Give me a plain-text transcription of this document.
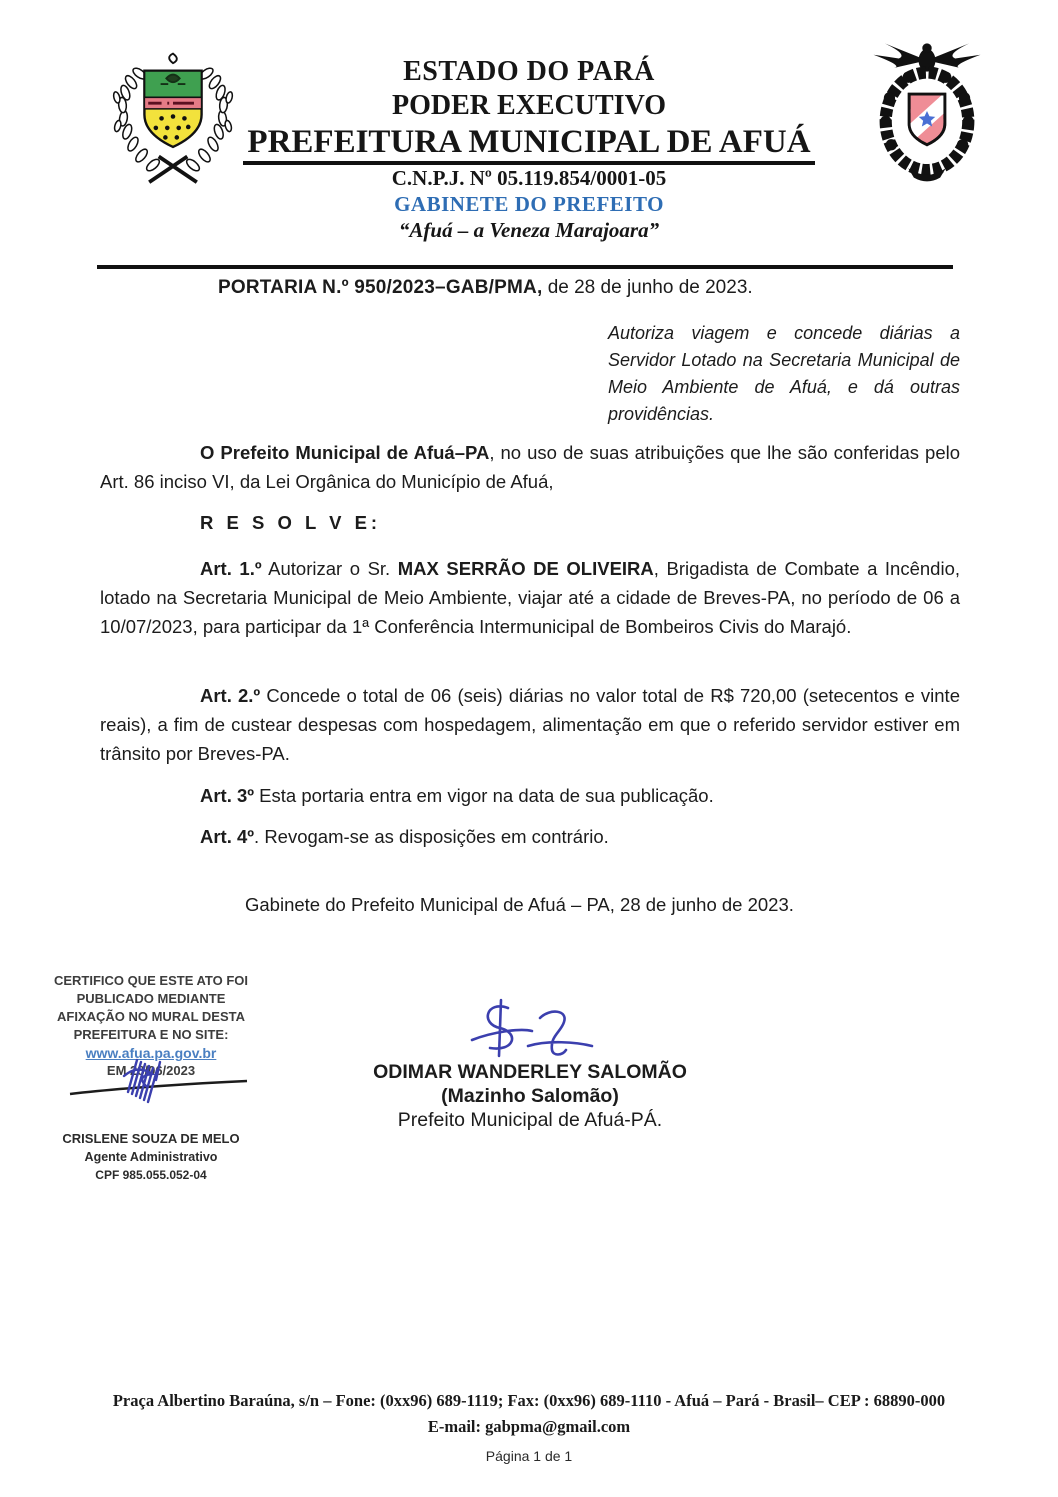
ESTADO DO PARÁ
PODER EXECUTIVO
PREFEITURA MUNICIPAL DE AFUÁ
C.N.P.J. Nº 05.119.854/0001-05
GABINETE DO PREFEITO
“Afuá – a Veneza Marajoara”
PORTARIA N.º 950/2023–GAB/PMA, de 28 de junho de 2023.
Autoriza viagem e concede diárias a Servidor Lotado na Secretaria Municipal de Meio Ambiente de Afuá, e dá outras providências.

O Prefeito Municipal de Afuá–PA, no uso de suas atribuições que lhe são conferidas pelo Art. 86 inciso VI, da Lei Orgânica do Município de Afuá,

R E S O L V E:

Art. 1.º Autorizar o Sr. MAX SERRÃO DE OLIVEIRA, Brigadista de Combate a Incêndio, lotado na Secretaria Municipal de Meio Ambiente, viajar até a cidade de Breves-PA, no período de 06 a 10/07/2023, para participar da 1ª Conferência Intermunicipal de Bombeiros Civis do Marajó.

Art. 2.º Concede o total de 06 (seis) diárias no valor total de R$ 720,00 (setecentos e vinte reais), a fim de custear despesas com hospedagem, alimentação em que o referido servidor estiver em trânsito por Breves-PA.

Art. 3º Esta portaria entra em vigor na data de sua publicação.

Art. 4º. Revogam-se as disposições em contrário.

Gabinete do Prefeito Municipal de Afuá – PA, 28 de junho de 2023.

CERTIFICO QUE ESTE ATO FOI
PUBLICADO MEDIANTE
AFIXAÇÃO NO MURAL DESTA
PREFEITURA E NO SITE:
www.afua.pa.gov.br
EM 28/06/2023
CRISLENE SOUZA DE MELO
Agente Administrativo
CPF 985.055.052-04
ODIMAR WANDERLEY SALOMÃO
(Mazinho Salomão)
Prefeito Municipal de Afuá-PÁ.
Praça Albertino Baraúna, s/n – Fone: (0xx96) 689-1119; Fax: (0xx96) 689-1110 - Afuá – Pará - Brasil– CEP : 68890-000
E-mail: gabpma@gmail.com
Página 1 de 1
